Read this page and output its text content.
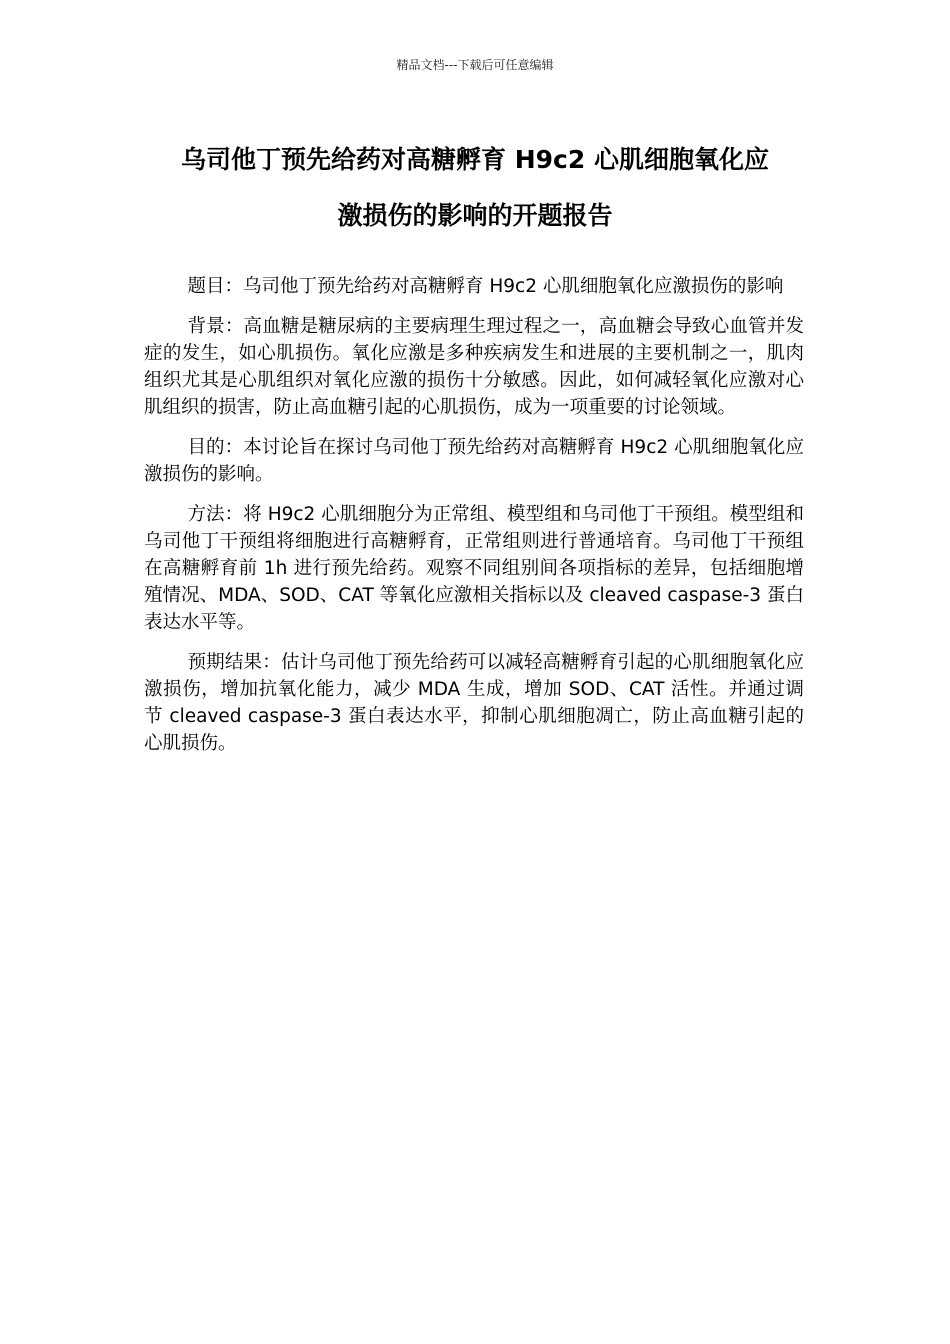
精品文档---下载后可任意编辑
乌司他丁预先给药对高糖孵育 H9c2 心肌细胞氧化应
激损伤的影响的开题报告

题目：乌司他丁预先给药对高糖孵育 H9c2 心肌细胞氧化应激损伤的影响

背景：高血糖是糖尿病的主要病理生理过程之一，高血糖会导致心血管并发症的发生，如心肌损伤。氧化应激是多种疾病发生和进展的主要机制之一，肌肉组织尤其是心肌组织对氧化应激的损伤十分敏感。因此，如何减轻氧化应激对心肌组织的损害，防止高血糖引起的心肌损伤，成为一项重要的讨论领域。

目的：本讨论旨在探讨乌司他丁预先给药对高糖孵育 H9c2 心肌细胞氧化应激损伤的影响。

方法：将 H9c2 心肌细胞分为正常组、模型组和乌司他丁干预组。模型组和乌司他丁干预组将细胞进行高糖孵育，正常组则进行普通培育。乌司他丁干预组在高糖孵育前 1h 进行预先给药。观察不同组别间各项指标的差异，包括细胞增殖情况、MDA、SOD、CAT 等氧化应激相关指标以及 cleaved caspase-3 蛋白表达水平等。

预期结果：估计乌司他丁预先给药可以减轻高糖孵育引起的心肌细胞氧化应激损伤，增加抗氧化能力，减少 MDA 生成，增加 SOD、CAT 活性。并通过调节 cleaved caspase-3 蛋白表达水平，抑制心肌细胞凋亡，防止高血糖引起的心肌损伤。
